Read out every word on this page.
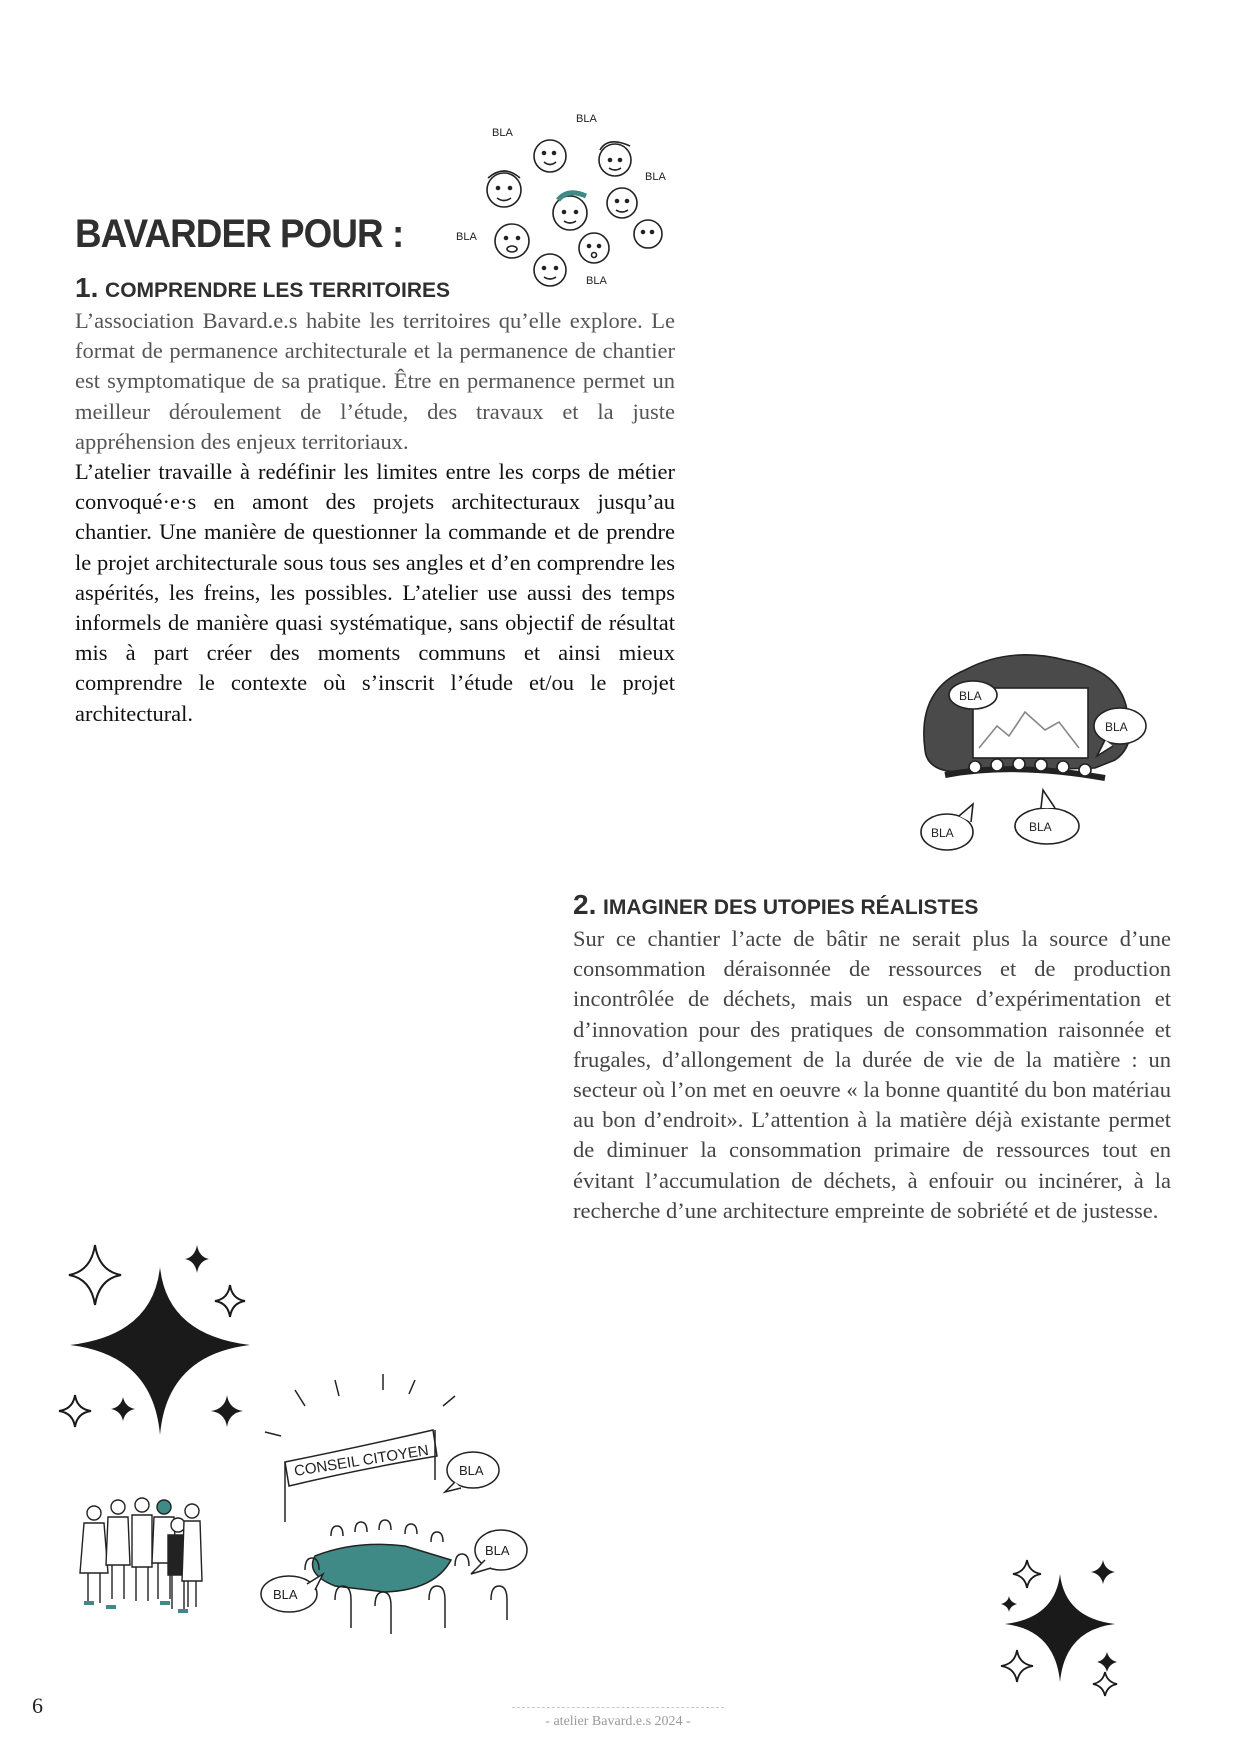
BAVARDER POUR :
1. COMPRENDRE LES TERRITOIRES

L’association Bavard.e.s habite les territoires qu’elle explore. Le format de permanence architecturale et la permanence de chantier est symptomatique de sa pratique. Être en permanence permet un meilleur déroulement de l’étude, des travaux et la juste appréhension des enjeux territoriaux.

L’atelier travaille à redéfinir les limites entre les corps de métier convoqué·e·s en amont des projets architecturaux jusqu’au chantier. Une manière de questionner la commande et de prendre le projet architecturale sous tous ses angles et d’en comprendre les aspérités, les freins, les possibles. L’atelier use aussi des temps informels de manière quasi systématique, sans objectif de résultat mis à part créer des moments communs et ainsi mieux comprendre le contexte où s’inscrit l’étude et/ou le projet architectural.

2. IMAGINER DES UTOPIES RÉALISTES

Sur ce chantier l’acte de bâtir ne serait plus la source d’une consommation déraisonnée de ressources et de production incontrôlée de déchets, mais un espace d’expérimentation et d’innovation pour des pratiques de consommation raisonnée et frugales, d’allongement de la durée de vie de la matière : un secteur où l’on met en oeuvre « la bonne quantité du bon matériau au bon d’endroit». L’attention à la matière déjà existante permet de diminuer la consommation primaire de ressources tout en évitant l’accumulation de déchets, à enfouir ou incinérer, à la recherche d’une architecture empreinte de sobriété et de justesse.

BLA
BLA
BLA
BLA
BLA
BLA
BLA
BLA	BLA
CONSEIL CITOYEN BLA
BLA
BLA
6
- atelier Bavard.e.s 2024 -
